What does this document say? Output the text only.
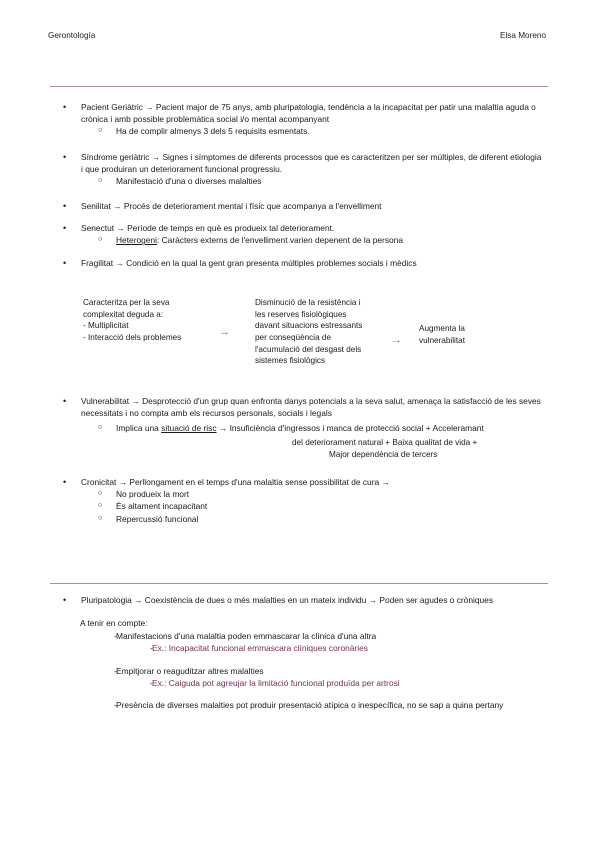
Gerontología	Elsa Moreno
• Pacient Geriàtric → Pacient major de 75 anys, amb pluripatologia, tendència a la incapacitat per patir una malaltia aguda o crònica i amb possible problemàtica social i/o mental acompanyant
○ Ha de complir almenys 3 dels 5 requisits esmentats.
• Síndrome geriàtric → Signes i símptomes de diferents processos que es caracteritzen per ser múltiples, de diferent etiologia i que produiran un deteriorament funcional progressiu.
○ Manifestació d'una o diverses malalties
• Senilitat → Procés de deteriorament mental i físic que acompanya a l'envelliment
• Senectut → Període de temps en què es produeix tal deteriorament.
○ Heterogeni: Caràcters externs de l'envelliment varien depenent de la persona
• Fragilitat → Condició en la qual la gent gran presenta múltiples problemes socials i mèdics
Caracteritza per la seva
complexitat deguda a:
- Multiplicitat
- Interacció dels problemes	→
Disminució de la resistència i
les reserves fisiològiques
davant situacions estressants
per conseqüència de
l'acumulació del desgast dels
sistemes fisiològics
→
Augmenta la
vulnerabilitat
• Vulnerabilitat → Desprotecció d'un grup quan enfronta danys potencials a la seva salut, amenaça la satisfacció de les seves necessitats i no compta amb els recursos personals, socials i legals
○ Implica una situació de risc → Insuficiència d'ingressos i manca de protecció social + Acceleramant
del deteriorament natural + Baixa qualitat de vida +
Major dependència de tercers
• Cronicitat → Perllongament en el temps d'una malaltia sense possibilitat de cura →
○ No produeix la mort
○ És altament incapacitant
○ Repercussió funcional
• Pluripatologia → Coexistència de dues o més malalties en un mateix individu → Poden ser agudes o cròniques
A tenir en compte:
- Manifestacions d'una malaltia poden emmascarar la clínica d'una altra
- Ex.: Incapacitat funcional emmascara clíniques coronàries
- Empitjorar o reaguditzar altres malalties
- Ex.: Caiguda pot agreujar la limitació funcional produïda per artrosi
- Presència de diverses malalties pot produir presentació atípica o inespecífica, no se sap a quina pertany
